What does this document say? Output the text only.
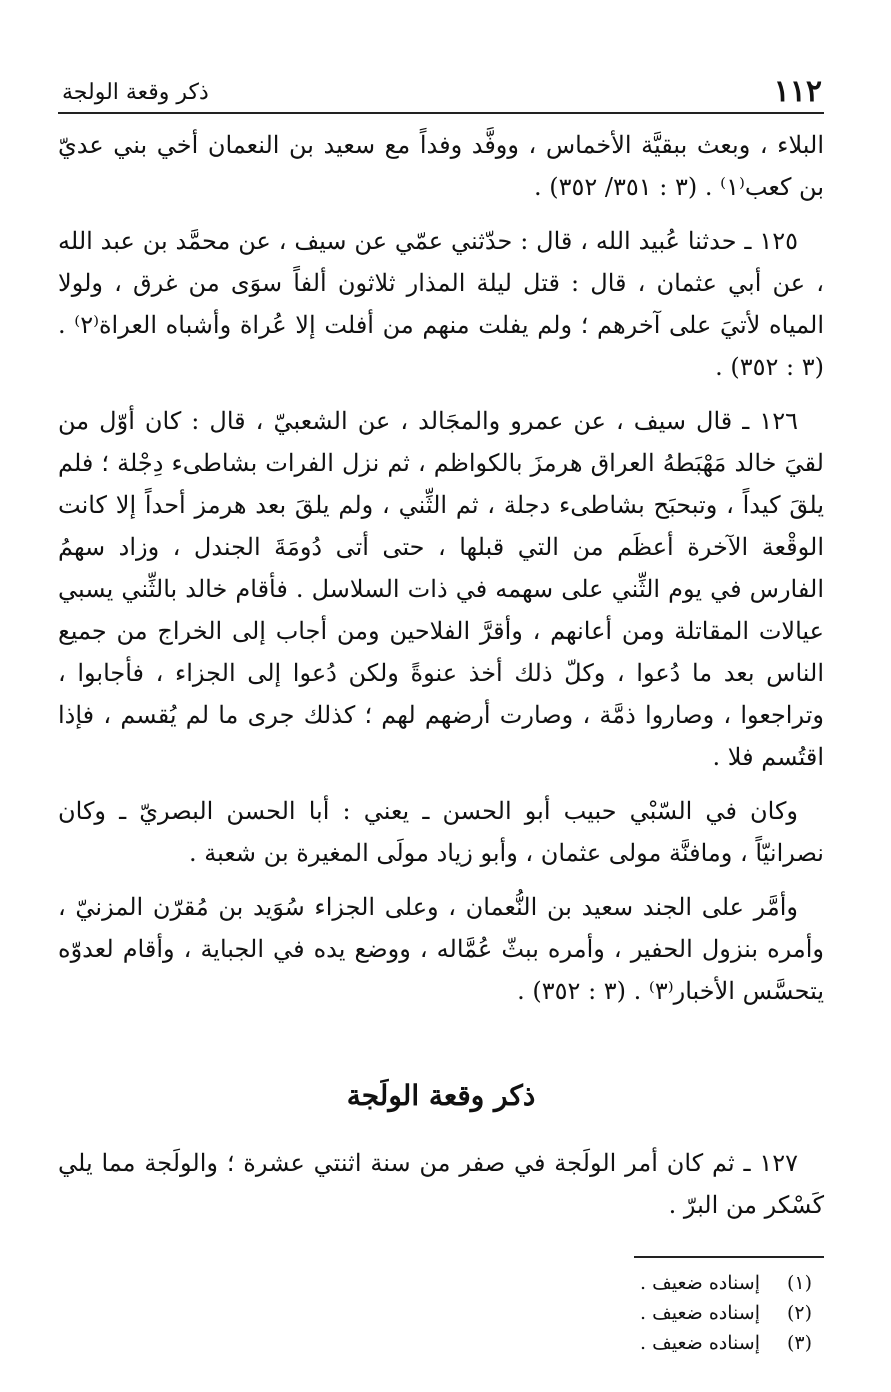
١١٢
ذكر وقعة الولجة

البلاء ، وبعث ببقيَّة الأخماس ، ووفَّد وفداً مع سعيد بن النعمان أخي بني عديّ بن كعب⁽١⁾ . (٣ : ٣٥١/ ٣٥٢) .

١٢٥ ـ حدثنا عُبيد الله ، قال : حدّثني عمّي عن سيف ، عن محمَّد بن عبد الله ، عن أبي عثمان ، قال : قتل ليلة المذار ثلاثون ألفاً سوَى من غرق ، ولولا المياه لأتيَ على آخرهم ؛ ولم يفلت منهم من أفلت إلا عُراة وأشباه العراة⁽٢⁾ . (٣ : ٣٥٢) .

١٢٦ ـ قال سيف ، عن عمرو والمجَالد ، عن الشعبيّ ، قال : كان أوّل من لقيَ خالد مَهْبَطهُ العراق هرمزَ بالكواظم ، ثم نزل الفرات بشاطىء دِجْلة ؛ فلم يلقَ كيداً ، وتبحبَح بشاطىء دجلة ، ثم الثِّني ، ولم يلقَ بعد هرمز أحداً إلا كانت الوقْعة الآخرة أعظَم من التي قبلها ، حتى أتى دُومَةَ الجندل ، وزاد سهمُ الفارس في يوم الثِّني على سهمه في ذات السلاسل . فأقام خالد بالثِّني يسبي عيالات المقاتلة ومن أعانهم ، وأقرَّ الفلاحين ومن أجاب إلى الخراج من جميع الناس بعد ما دُعوا ، وكلّ ذلك أخذ عنوةً ولكن دُعوا إلى الجزاء ، فأجابوا ، وتراجعوا ، وصاروا ذمَّة ، وصارت أرضهم لهم ؛ كذلك جرى ما لم يُقسم ، فإذا اقتُسم فلا .

وكان في السّبْي حبيب أبو الحسن ـ يعني : أبا الحسن البصريّ ـ وكان نصرانيّاً ، ومافنَّة مولى عثمان ، وأبو زياد مولَى المغيرة بن شعبة .

وأمَّر على الجند سعيد بن النُّعمان ، وعلى الجزاء سُوَيد بن مُقرّن المزنيّ ، وأمره بنزول الحفير ، وأمره ببثّ عُمَّاله ، ووضع يده في الجباية ، وأقام لعدوّه يتحسَّس الأخبار⁽٣⁾ . (٣ : ٣٥٢) .

ذكر وقعة الولَجة

١٢٧ ـ ثم كان أمر الولَجة في صفر من سنة اثنتي عشرة ؛ والولَجة مما يلي كَسْكر من البرّ .

(١)
إسناده ضعيف .
(٢)
إسناده ضعيف .
(٣)
إسناده ضعيف .
